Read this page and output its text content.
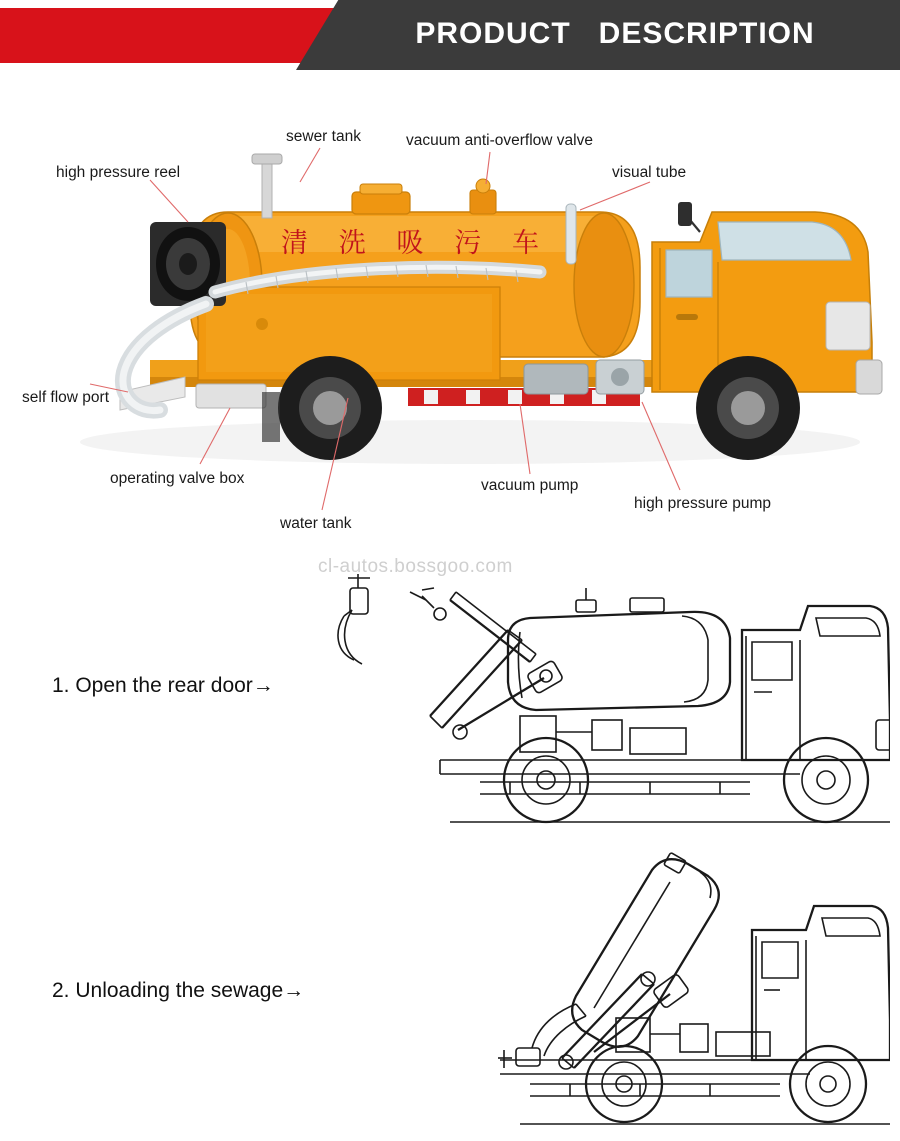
PRODUCT   DESCRIPTION
清 洗 吸 污 车
high pressure reel
sewer tank	vacuum anti-overflow valve
visual tube
self flow port
operating valve box
water tank
vacuum pump
high pressure pump
cl-autos.bossgoo.com
1. Open the rear door→
2. Unloading the sewage→
